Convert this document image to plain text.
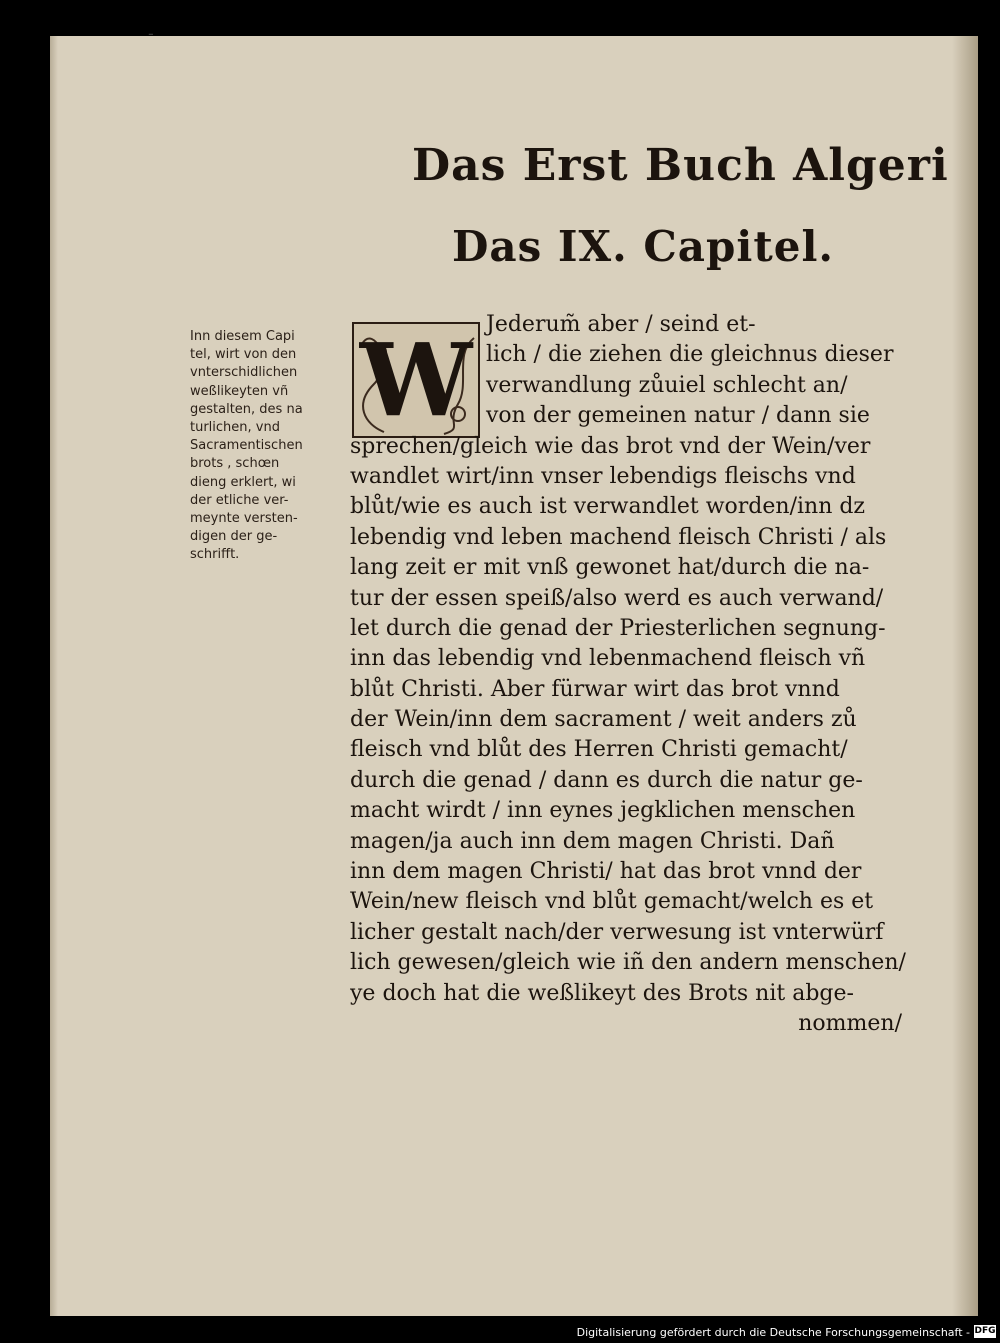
-
Das Erst Buch Algeri
Das IX. Capitel.
Inn diesem Capi
tel, wirt von den
vnterschidlichen
weßlikeyten vñ
gestalten, des na
turlichen, vnd
Sacramentischen
brots , schœn
dieng erklert, wi
der etliche ver-
meynte versten-
digen der ge-
schrifft.
W Jederum̃ aber / seind et-
lich / die ziehen die gleichnus dieser
verwandlung zůuiel schlecht an/
von der gemeinen natur / dann sie
sprechen/gleich wie das brot vnd der Wein/ver
wandlet wirt/inn vnser lebendigs fleischs vnd
blůt/wie es auch ist verwandlet worden/inn dz
lebendig vnd leben machend fleisch Christi / als
lang zeit er mit vnß gewonet hat/durch die na-
tur der essen speiß/also werd es auch verwand/
let durch die genad der Priesterlichen segnung-
inn das lebendig vnd lebenmachend fleisch vñ
blůt Christi. Aber fürwar wirt das brot vnnd
der Wein/inn dem sacrament / weit anders zů
fleisch vnd blůt des Herren Christi gemacht/
durch die genad / dann es durch die natur ge-
macht wirdt / inn eynes jegklichen menschen
magen/ja auch inn dem magen Christi. Dañ
inn dem magen Christi/ hat das brot vnnd der
Wein/new fleisch vnd blůt gemacht/welch es et
licher gestalt nach/der verwesung ist vnterwürf
lich gewesen/gleich wie iñ den andern menschen/
ye doch hat die weßlikeyt des Brots nit abge-
nommen/
Digitalisierung gefördert durch die Deutsche Forschungsgemeinschaft - DFG
